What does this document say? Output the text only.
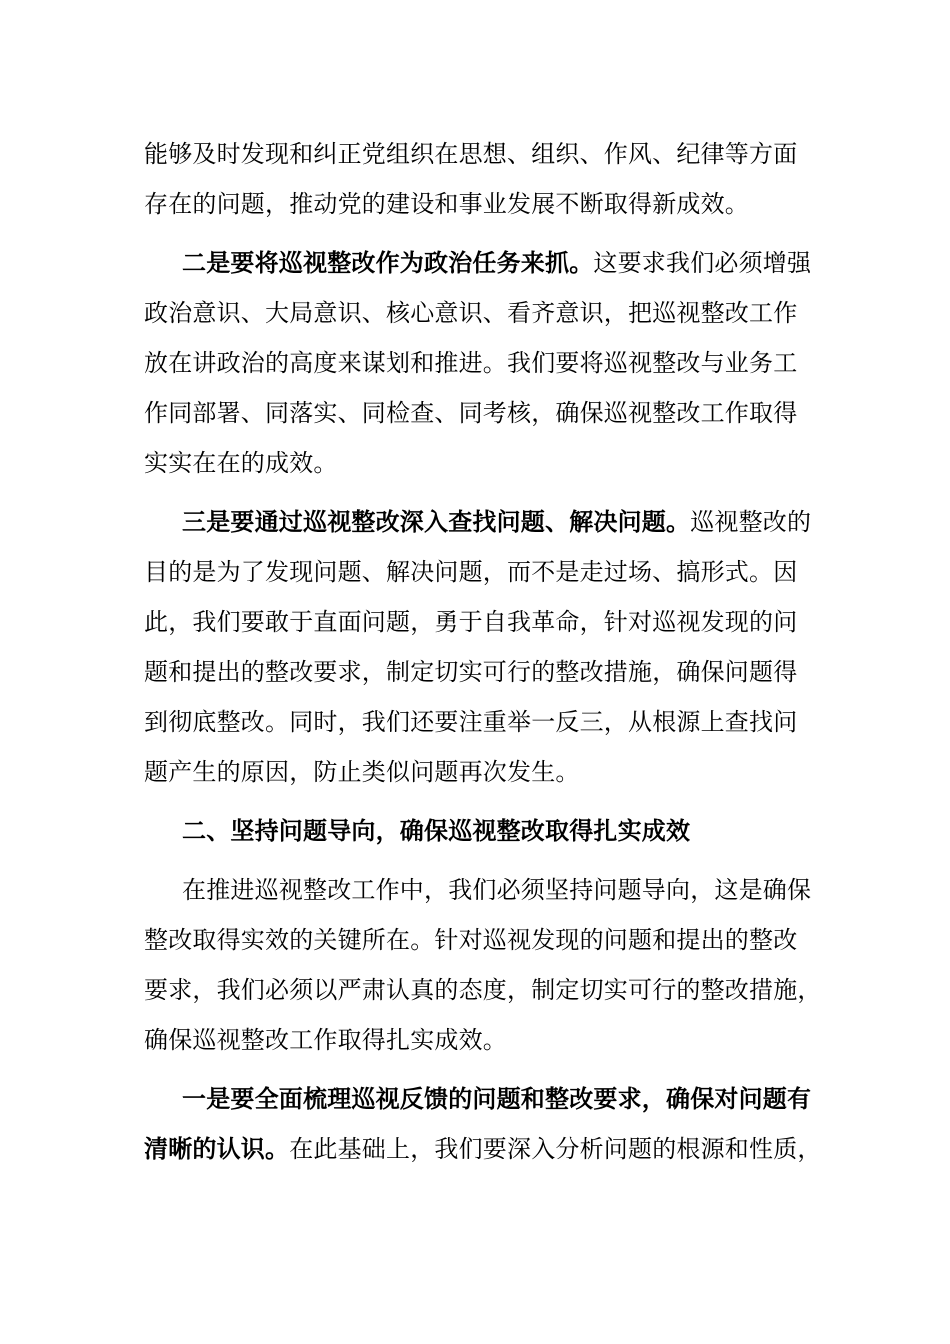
能够及时发现和纠正党组织在思想、组织、作风、纪律等方面
存在的问题，推动党的建设和事业发展不断取得新成效。
二是要将巡视整改作为政治任务来抓。这要求我们必须增强
政治意识、大局意识、核心意识、看齐意识，把巡视整改工作
放在讲政治的高度来谋划和推进。我们要将巡视整改与业务工
作同部署、同落实、同检查、同考核，确保巡视整改工作取得
实实在在的成效。
三是要通过巡视整改深入查找问题、解决问题。巡视整改的
目的是为了发现问题、解决问题，而不是走过场、搞形式。因
此，我们要敢于直面问题，勇于自我革命，针对巡视发现的问
题和提出的整改要求，制定切实可行的整改措施，确保问题得
到彻底整改。同时，我们还要注重举一反三，从根源上查找问
题产生的原因，防止类似问题再次发生。
二、坚持问题导向，确保巡视整改取得扎实成效
在推进巡视整改工作中，我们必须坚持问题导向，这是确保
整改取得实效的关键所在。针对巡视发现的问题和提出的整改
要求，我们必须以严肃认真的态度，制定切实可行的整改措施，
确保巡视整改工作取得扎实成效。
一是要全面梳理巡视反馈的问题和整改要求，确保对问题有
清晰的认识。在此基础上，我们要深入分析问题的根源和性质，
